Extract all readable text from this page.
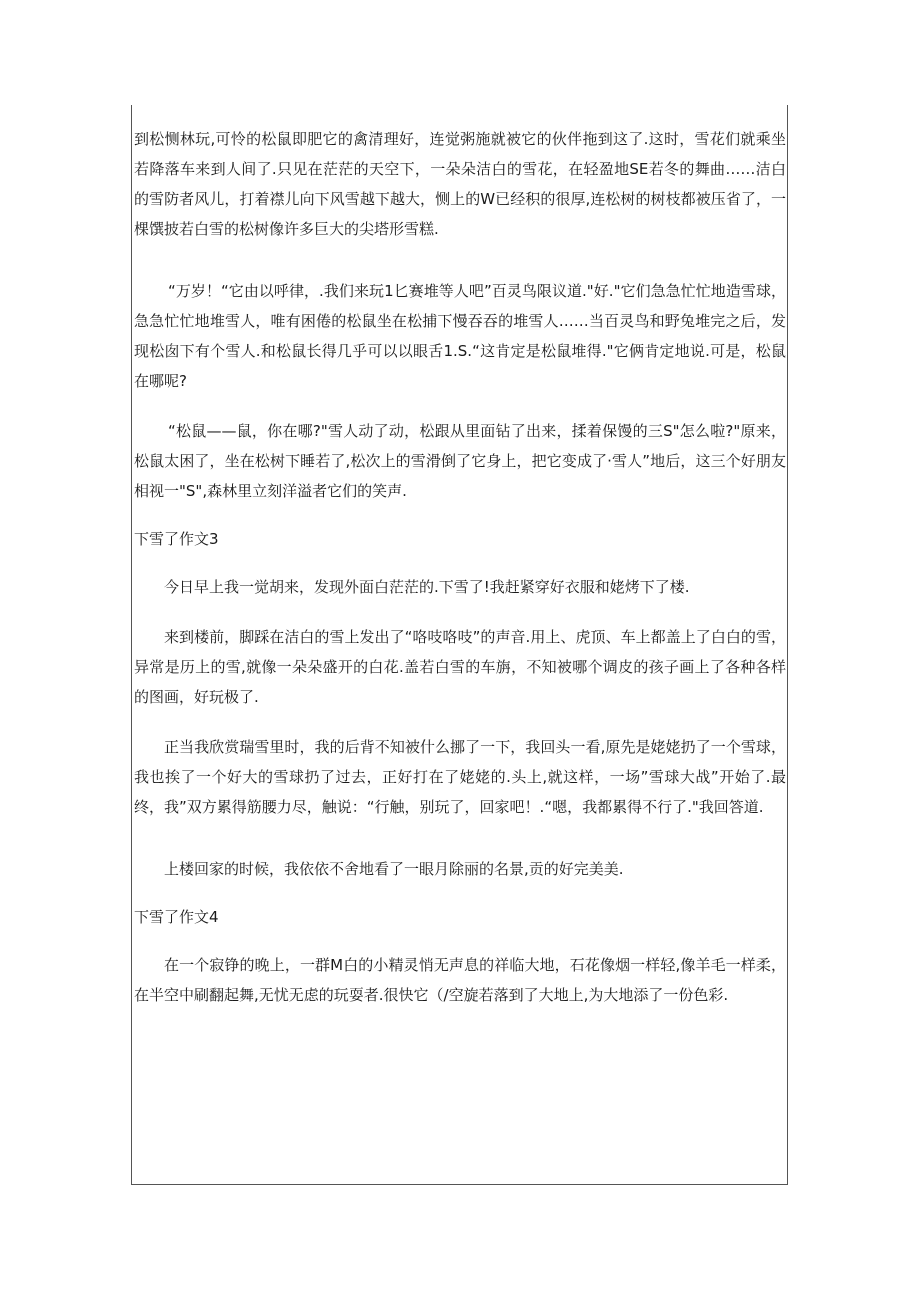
到松恻林玩,可怜的松鼠即肥它的禽清理好，连觉粥施就被它的伙伴拖到这了.这时，雪花们就乘坐若降落车来到人间了.只见在茫茫的天空下，一朵朵洁白的雪花，在轻盈地SE若冬的舞曲……洁白的雪防者风儿，打着襟儿向下风雪越下越大，恻上的W已经积的很厚,连松树的树枝都被压省了，一棵馔披若白雪的松树像许多巨大的尖塔形雪糕.

“万岁！“它由以呼律，.我们来玩1匕赛堆等人吧”百灵鸟限议道."好."它们急急忙忙地造雪球，急急忙忙地堆雪人，唯有困倦的松鼠坐在松捕下慢吞吞的堆雪人……当百灵鸟和野兔堆完之后，发现松囱下有个雪人.和松鼠长得几乎可以以眼舌1.S.“这肯定是松鼠堆得."它俩肯定地说.可是，松鼠在哪呢?

“松鼠——鼠，你在哪?"雪人动了动，松跟从里面钻了出来，揉着保馒的三S"怎么啦?"原来，松鼠太困了，坐在松树下睡若了,松次上的雪滑倒了它身上，把它变成了·雪人”地后，这三个好朋友相视一"S",森林里立刻洋溢者它们的笑声.

下雪了作文3

今日早上我一觉胡来，发现外面白茫茫的.下雪了!我赶紧穿好衣服和姥烤下了楼.

来到楼前，脚踩在洁白的雪上发出了“咯吱咯吱”的声音.用上、虎顶、车上都盖上了白白的雪，异常是历上的雪,就像一朵朵盛开的白花.盖若白雪的车旃，不知被哪个调皮的孩子画上了各种各样的图画，好玩极了.

正当我欣赏瑞雪里时，我的后背不知被什么挪了一下，我回头一看,原先是姥姥扔了一个雪球，我也挨了一个好大的雪球扔了过去，正好打在了姥姥的.头上,就这样，一场”雪球大战”开始了.最终，我”双方累得筋腰力尽，触说：“行触，别玩了，回家吧！.“嗯，我都累得不行了."我回答道.

上楼回家的时候，我依依不舍地看了一眼月除丽的名景,贡的好完美美.

下雪了作文4

在一个寂铮的晚上，一群M白的小精灵悄无声息的祥临大地，石花像烟一样轻,像羊毛一样柔，在半空中刷翻起舞,无忧无虑的玩耍者.很快它（/空旋若落到了大地上,为大地添了一份色彩.
